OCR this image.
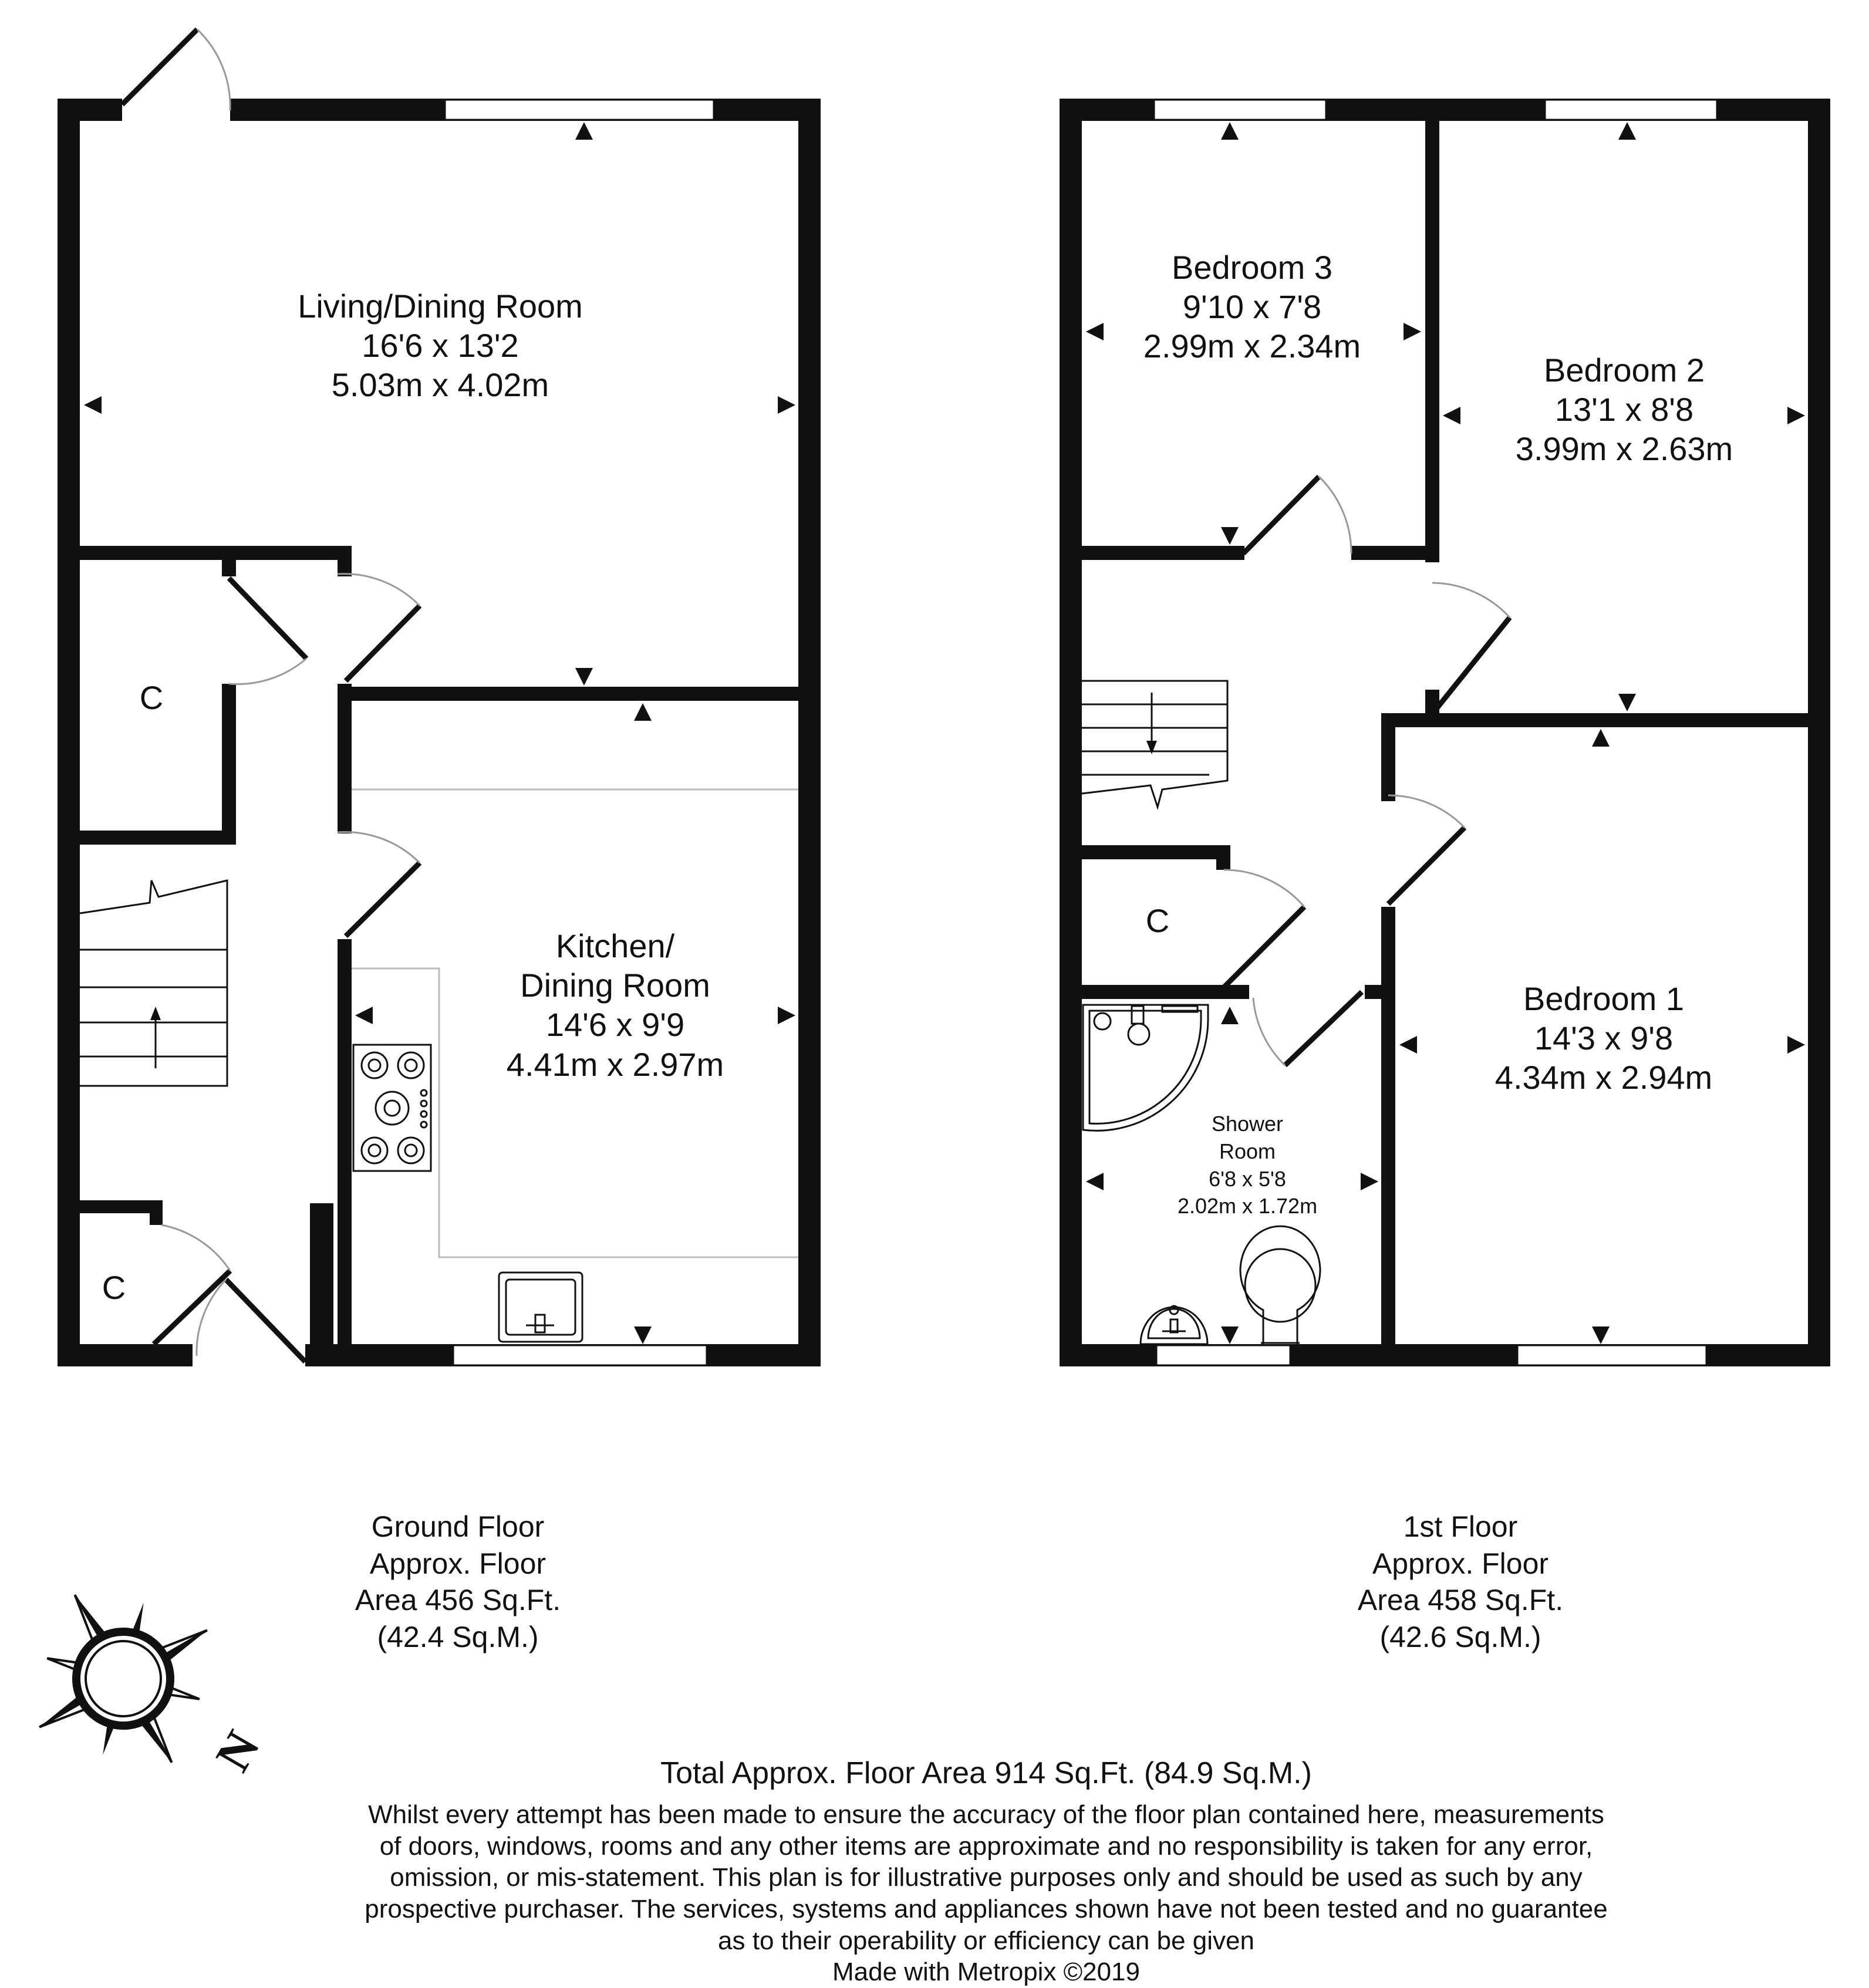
Living/Dining Room
16'6 x 13'2
5.03m x 4.02m
Kitchen/
Dining Room
14'6 x 9'9
4.41m x 2.97m
C
C
Bedroom 3
9'10 x 7'8
2.99m x 2.34m
Bedroom 2
13'1 x 8'8
3.99m x 2.63m
Bedroom 1
14'3 x 9'8
4.34m x 2.94m
Shower
Room
6'8 x 5'8
2.02m x 1.72m
C
Ground Floor
Approx. Floor
Area 456 Sq.Ft.
(42.4 Sq.M.)
1st Floor
Approx. Floor
Area 458 Sq.Ft.
(42.6 Sq.M.)
N	Total Approx. Floor Area 914 Sq.Ft. (84.9 Sq.M.)
Whilst every attempt has been made to ensure the accuracy of the floor plan contained here, measurements
of doors, windows, rooms and any other items are approximate and no responsibility is taken for any error,
omission, or mis-statement. This plan is for illustrative purposes only and should be used as such by any
prospective purchaser. The services, systems and appliances shown have not been tested and no guarantee
as to their operability or efficiency can be given
Made with Metropix ©2019
